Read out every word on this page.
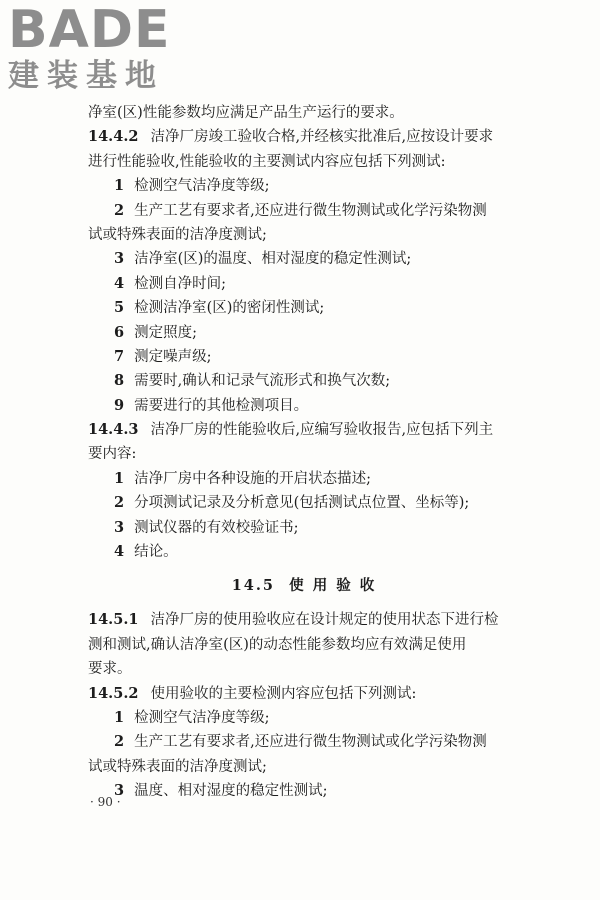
BADE
建装基地
净室(区)性能参数均应满足产品生产运行的要求。
14.4.2 洁净厂房竣工验收合格,并经核实批准后,应按设计要求
进行性能验收,性能验收的主要测试内容应包括下列测试:
1 检测空气洁净度等级;
2 生产工艺有要求者,还应进行微生物测试或化学污染物测
试或特殊表面的洁净度测试;
3 洁净室(区)的温度、相对湿度的稳定性测试;
4 检测自净时间;
5 检测洁净室(区)的密闭性测试;
6 测定照度;
7 测定噪声级;
8 需要时,确认和记录气流形式和换气次数;
9 需要进行的其他检测项目。
14.4.3 洁净厂房的性能验收后,应编写验收报告,应包括下列主
要内容:
1 洁净厂房中各种设施的开启状态描述;
2 分项测试记录及分析意见(包括测试点位置、坐标等);
3 测试仪器的有效校验证书;
4 结论。
14.5 使 用 验 收
14.5.1 洁净厂房的使用验收应在设计规定的使用状态下进行检
测和测试,确认洁净室(区)的动态性能参数均应有效满足使用
要求。
14.5.2 使用验收的主要检测内容应包括下列测试:
1 检测空气洁净度等级;
2 生产工艺有要求者,还应进行微生物测试或化学污染物测
试或特殊表面的洁净度测试;
3 温度、相对湿度的稳定性测试;
· 90 ·
